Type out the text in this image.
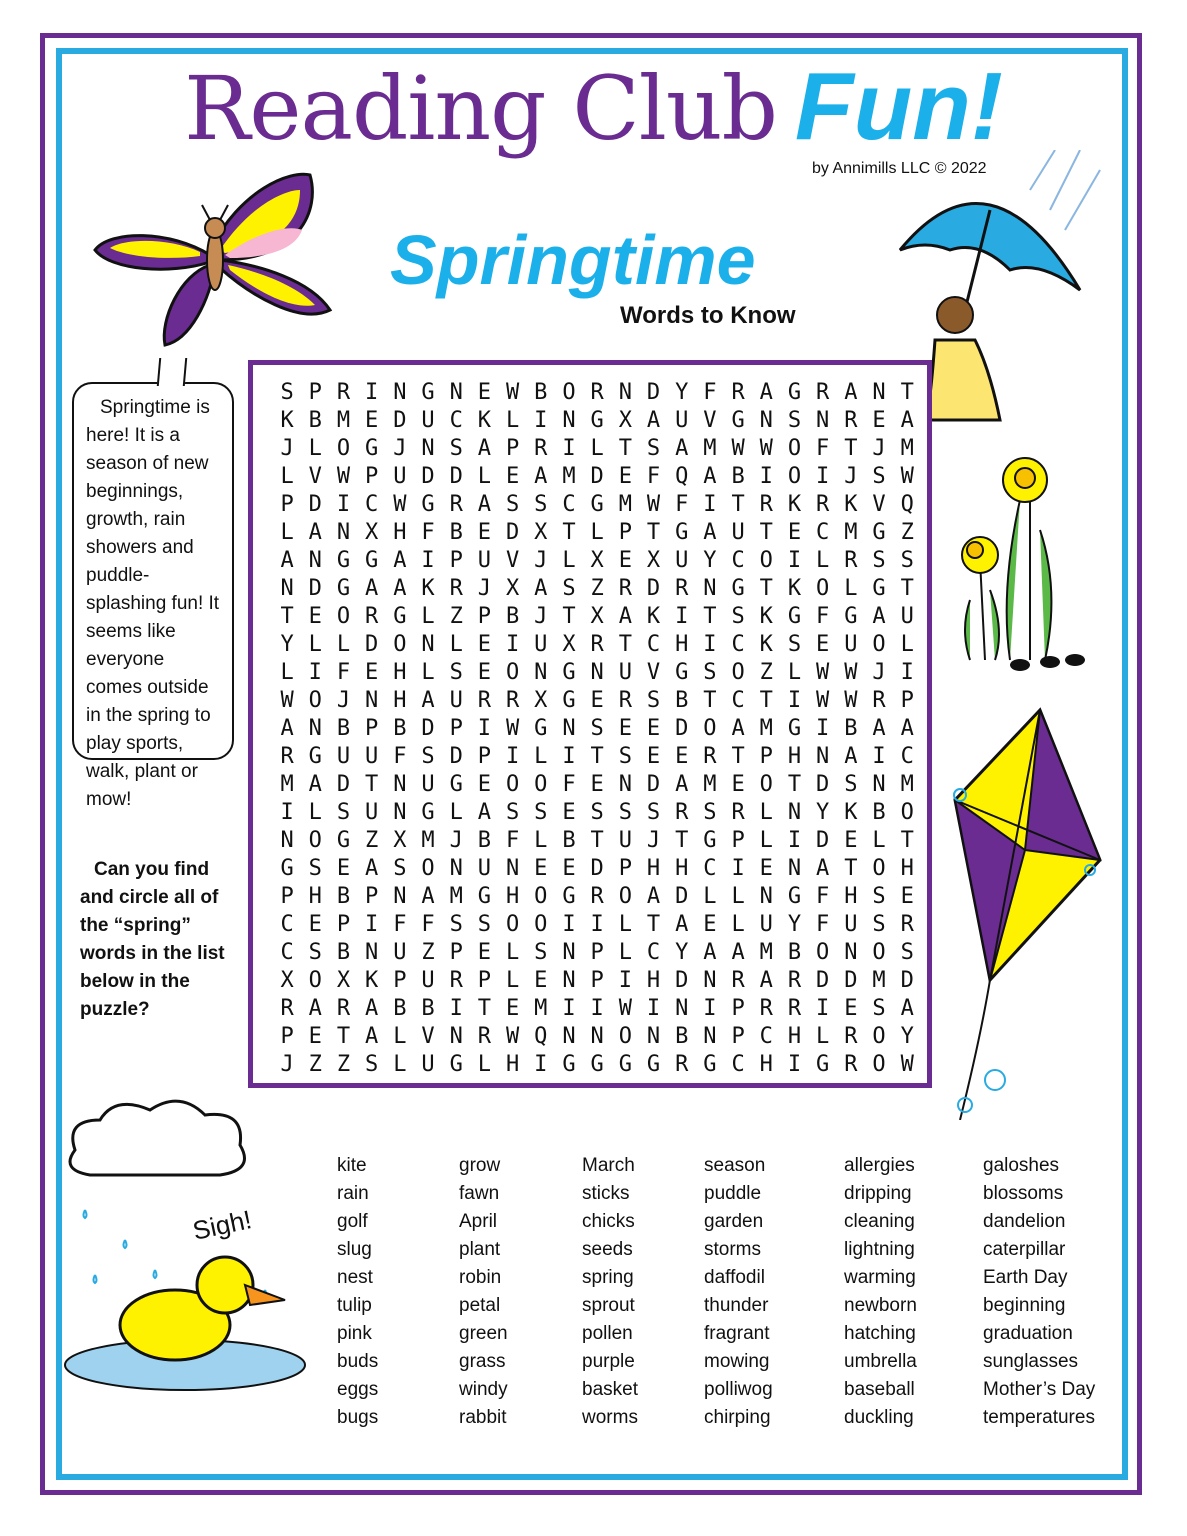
Reading Club Fun!
by Annimills LLC © 2022
Springtime
Words to Know
Springtime is here! It is a season of new beginnings, growth, rain showers and puddle-splashing fun! It seems like everyone comes outside in the spring to play sports, walk, plant or mow!
Can you find and circle all of the “spring” words in the list below in the puzzle?
Sigh!
S P R I N G N E W B O R N D Y F R A G R A N T
K B M E D U C K L I N G X A U V G N S N R E A
J L O G J N S A P R I L T S A M W W O F T J M
L V W P U D D L E A M D E F Q A B I O I J S W
P D I C W G R A S S C G M W F I T R K R K V Q
L A N X H F B E D X T L P T G A U T E C M G Z
A N G G A I P U V J L X E X U Y C O I L R S S
N D G A A K R J X A S Z R D R N G T K O L G T
T E O R G L Z P B J T X A K I T S K G F G A U
Y L L D O N L E I U X R T C H I C K S E U O L
L I F E H L S E O N G N U V G S O Z L W W J I
W O J N H A U R R X G E R S B T C T I W W R P
A N B P B D P I W G N S E E D O A M G I B A A
R G U U F S D P I L I T S E E R T P H N A I C
M A D T N U G E O O F E N D A M E O T D S N M
I L S U N G L A S S E S S S R S R L N Y K B O
N O G Z X M J B F L B T U J T G P L I D E L T
G S E A S O N U N E E D P H H C I E N A T O H
P H B P N A M G H O G R O A D L L N G F H S E
C E P I F F S S O O I I L T A E L U Y F U S R
C S B N U Z P E L S N P L C Y A A M B O N O S
X O X K P U R P L E N P I H D N R A R D D M D
R A R A B B I T E M I I W I N I P R R I E S A
P E T A L V N R W Q N N O N B N P C H L R O Y
J Z Z S L U G L H I G G G G R G C H I G R O W
kite
rain
golf
slug
nest
tulip
pink
buds
eggs
bugs
grow
fawn
April
plant
robin
petal
green
grass
windy
rabbit
March
sticks
chicks
seeds
spring
sprout
pollen
purple
basket
worms
season
puddle
garden
storms
daffodil
thunder
fragrant
mowing
polliwog
chirping
allergies
dripping
cleaning
lightning
warming
newborn
hatching
umbrella
baseball
duckling
galoshes
blossoms
dandelion
caterpillar
Earth Day
beginning
graduation
sunglasses
Mother’s Day
temperatures
